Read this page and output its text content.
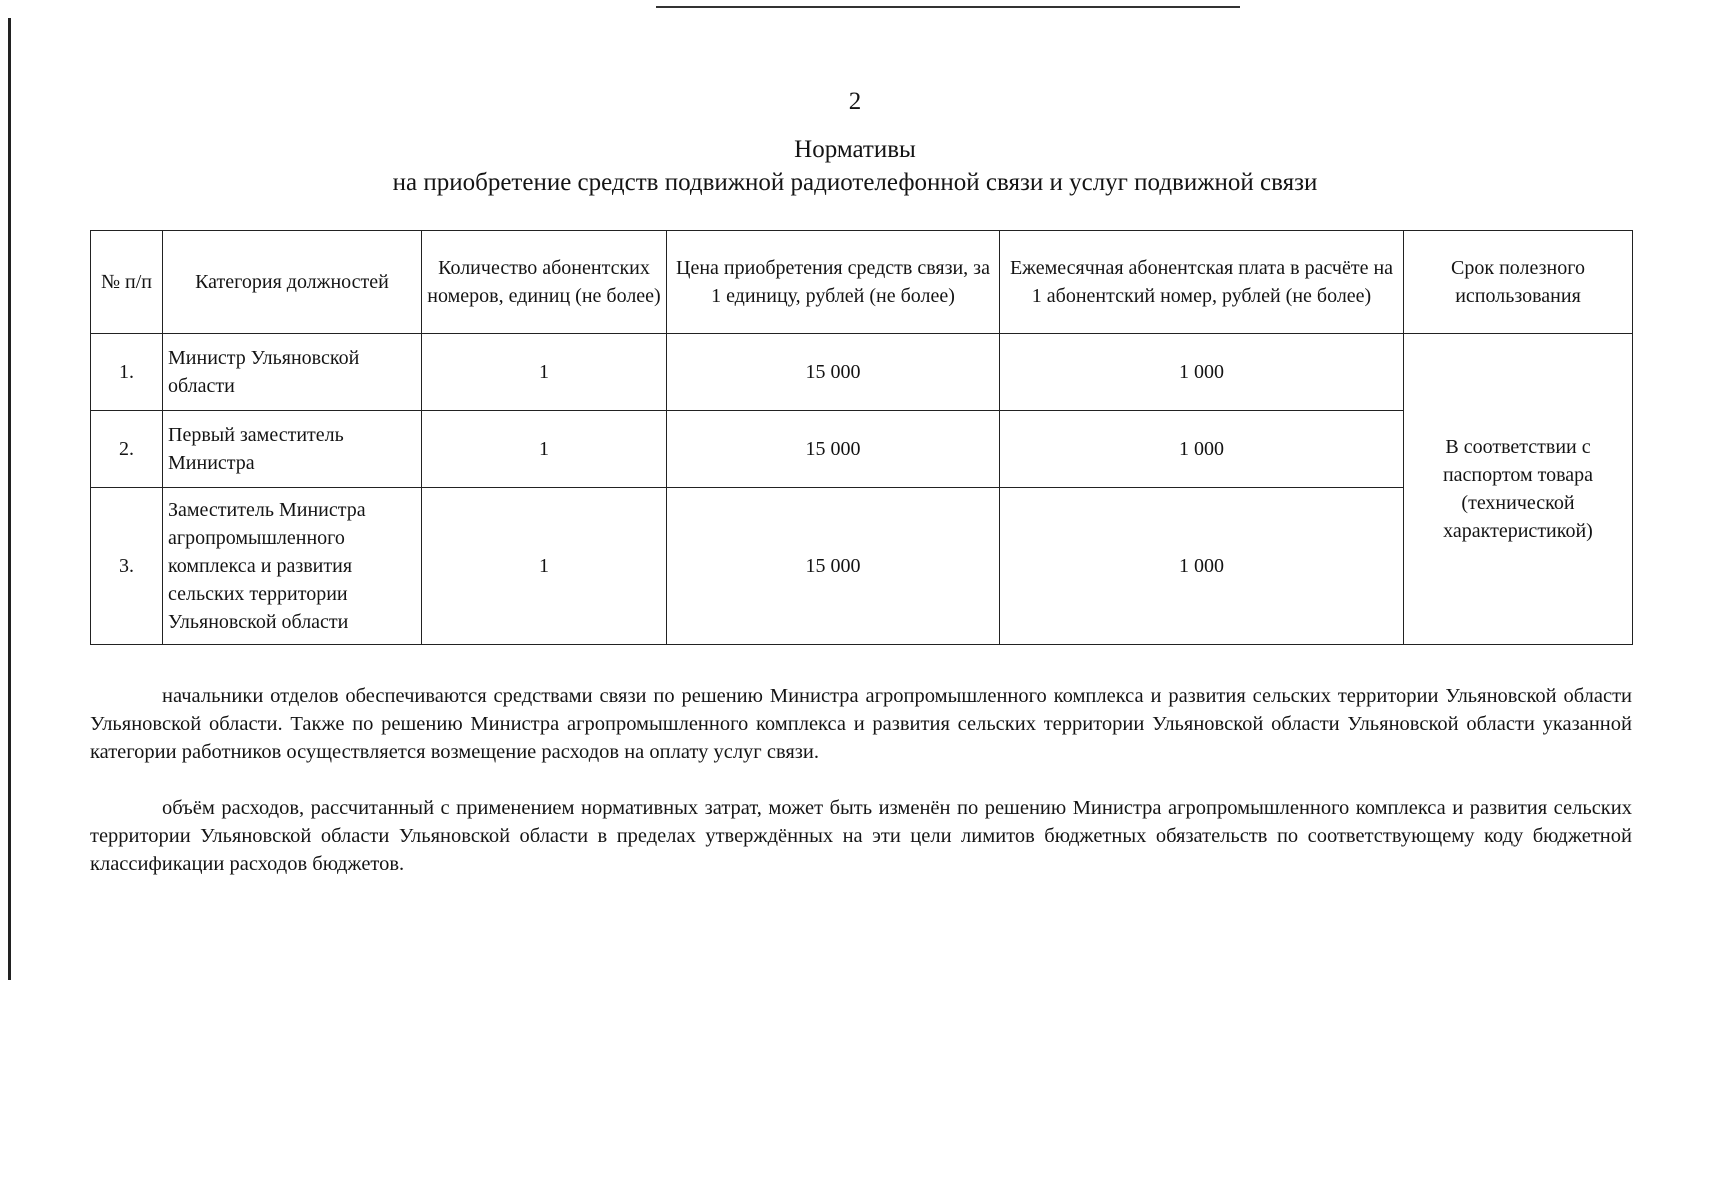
2
Нормативы
на приобретение средств подвижной радиотелефонной связи и услуг подвижной связи
№ п/п	Категория должностей	Количество абонентских номеров, единиц (не более)	Цена приобретения средств связи, за 1 единицу, рублей (не более)	Ежемесячная абонентская плата в расчёте на 1 абонентский номер, рублей (не более)	Срок полезного использования
1.	Министр Ульяновской области	1	15 000	1 000	В соответствии с паспортом товара (технической характеристикой)
2.	Первый заместитель Министра	1	15 000	1 000	
3.	Заместитель Министра агропромышленного комплекса и развития сельских территории Ульяновской области	1	15 000	1 000	

начальники отделов обеспечиваются средствами связи по решению Министра агропромышленного комплекса и развития сельских территории Ульяновской области Ульяновской области. Также по решению Министра агропромышленного комплекса и развития сельских территории Ульяновской области Ульяновской области указанной категории работников осуществляется возмещение расходов на оплату услуг связи.

объём расходов, рассчитанный с применением нормативных затрат, может быть изменён по решению Министра агропромышленного комплекса и развития сельских территории Ульяновской области Ульяновской области в пределах утверждённых на эти цели лимитов бюджетных обязательств по соответствующему коду бюджетной классификации расходов бюджетов.
